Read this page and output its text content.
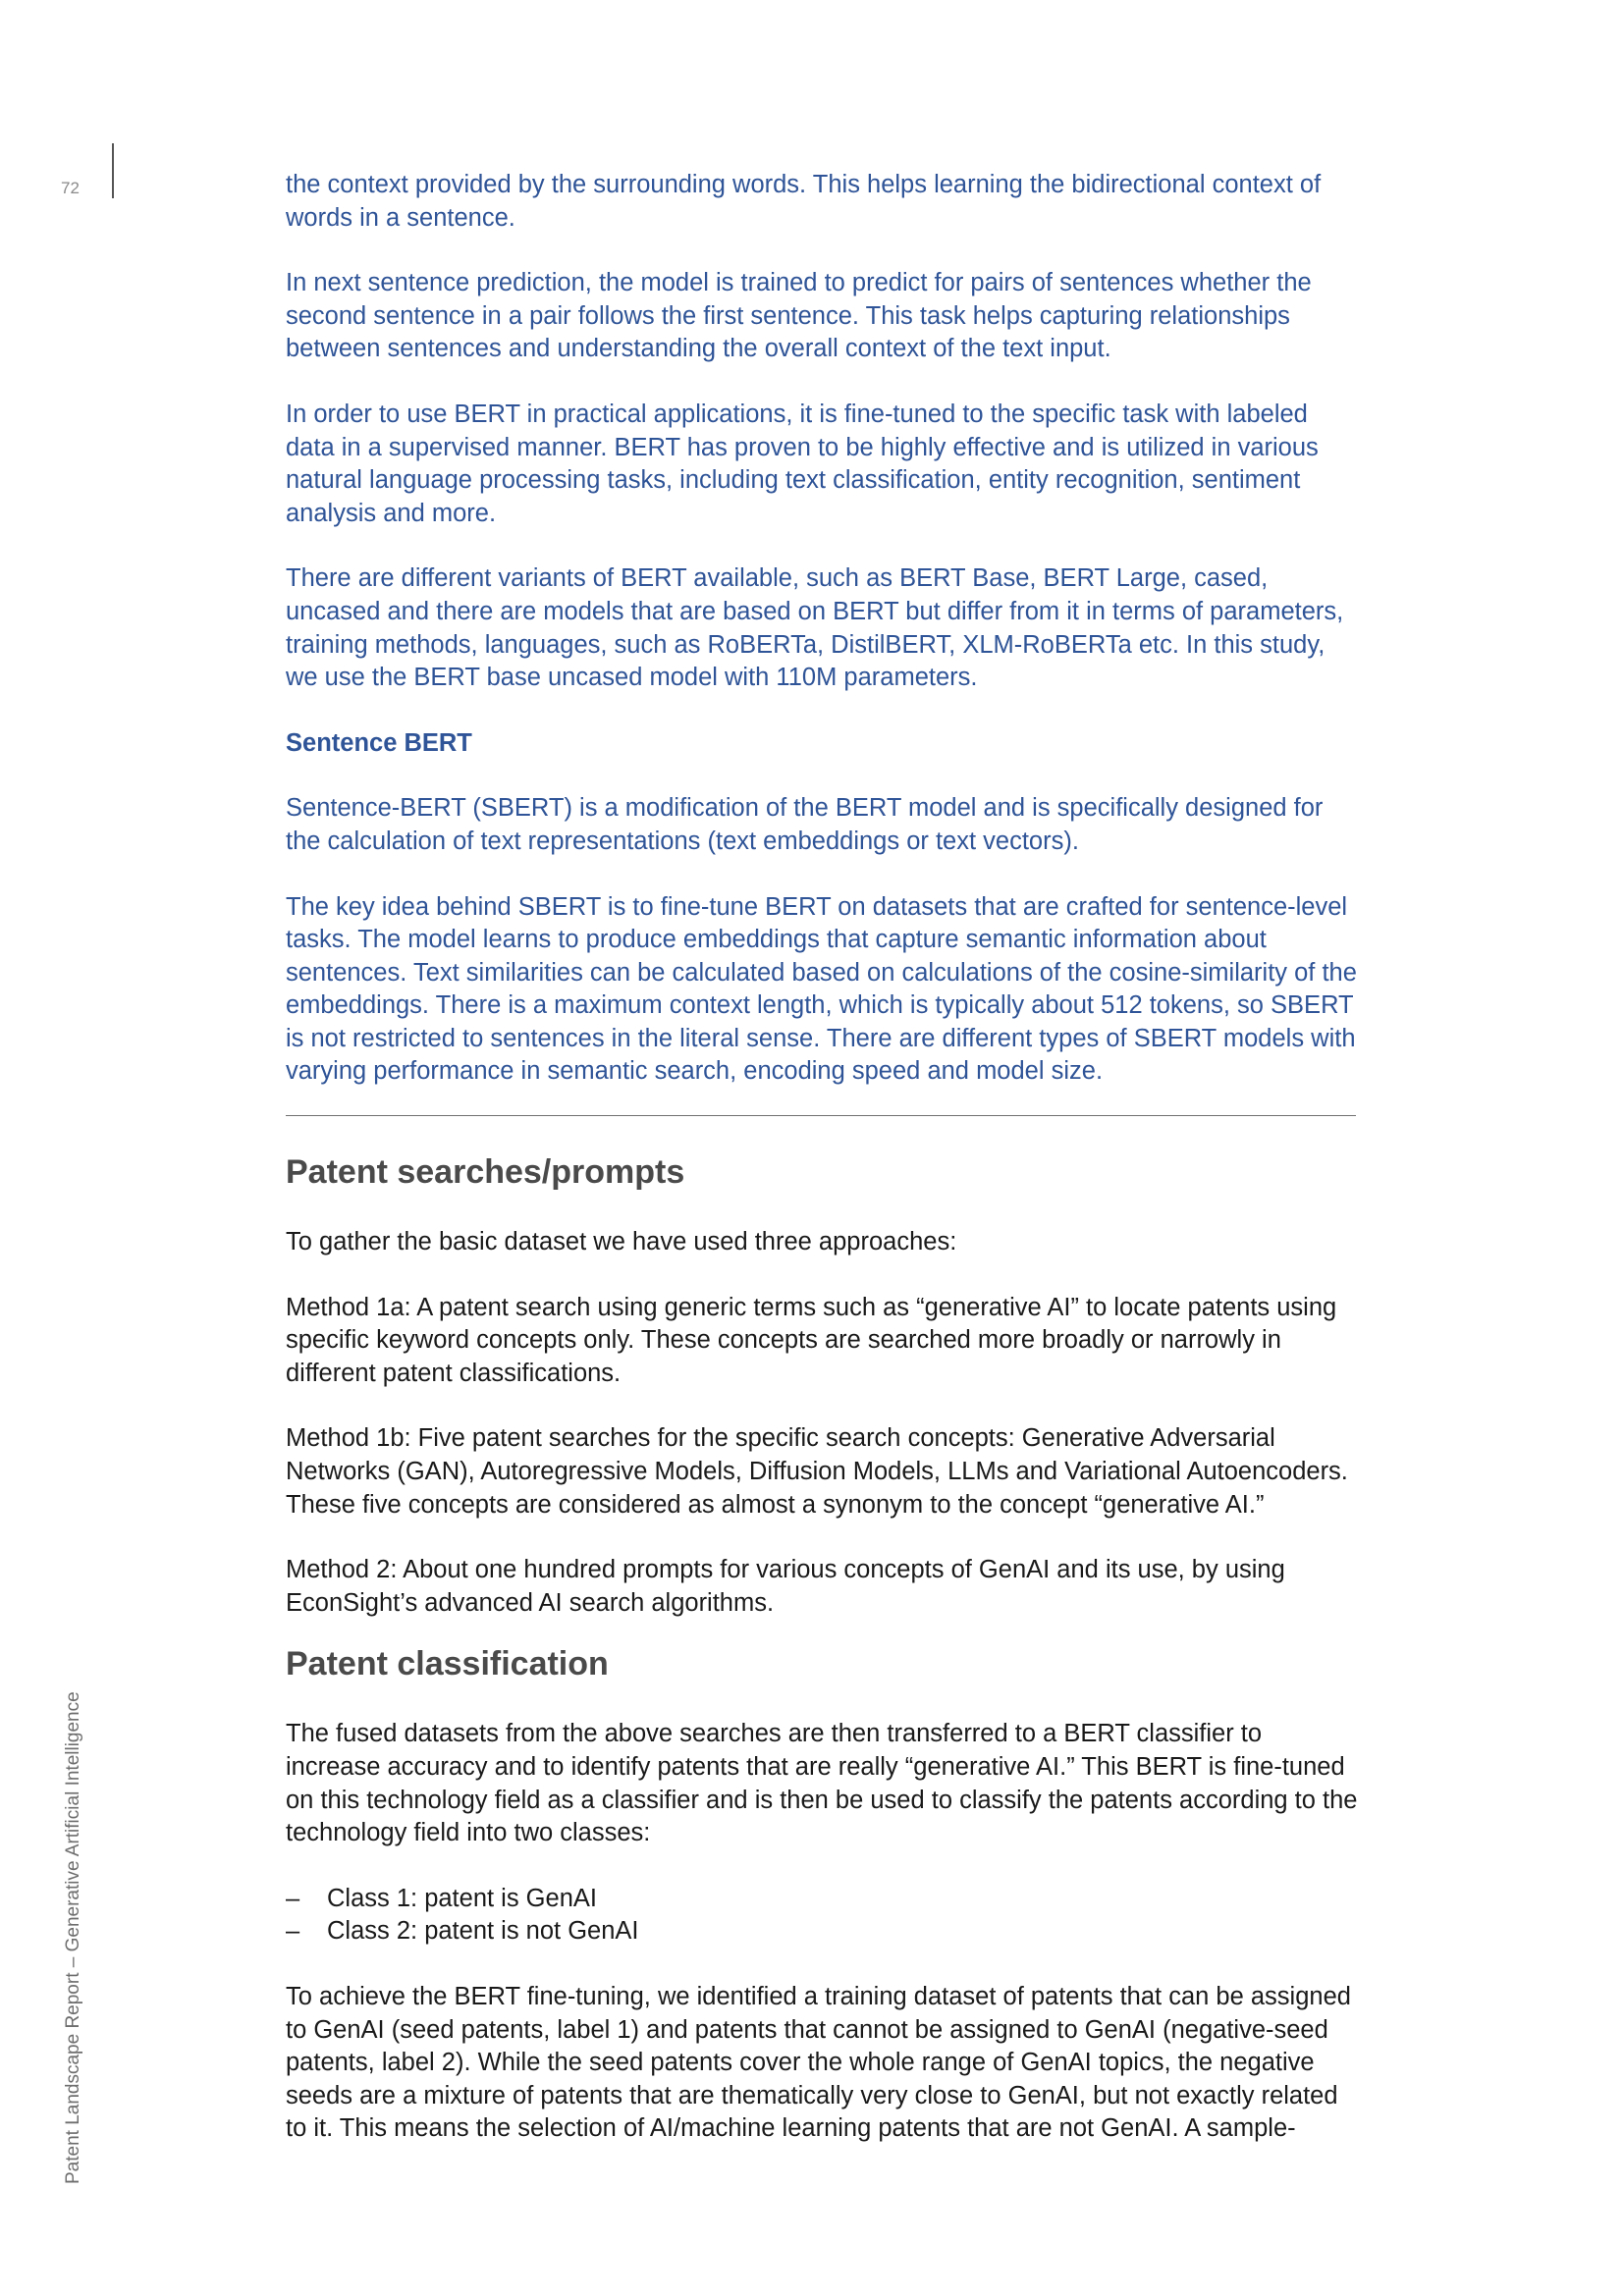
72
Patent Landscape Report – Generative Artificial Intelligence

the context provided by the surrounding words. This helps learning the bidirectional context of words in a sentence.

In next sentence prediction, the model is trained to predict for pairs of sentences whether the second sentence in a pair follows the first sentence. This task helps capturing relationships between sentences and understanding the overall context of the text input.

In order to use BERT in practical applications, it is fine-tuned to the specific task with labeled data in a supervised manner. BERT has proven to be highly effective and is utilized in various natural language processing tasks, including text classification, entity recognition, sentiment analysis and more.

There are different variants of BERT available, such as BERT Base, BERT Large, cased, uncased and there are models that are based on BERT but differ from it in terms of parameters, training methods, languages, such as RoBERTa, DistilBERT, XLM-RoBERTa etc. In this study, we use the BERT base uncased model with 110M parameters.

Sentence BERT

Sentence-BERT (SBERT) is a modification of the BERT model and is specifically designed for the calculation of text representations (text embeddings or text vectors).

The key idea behind SBERT is to fine-tune BERT on datasets that are crafted for sentence-level tasks. The model learns to produce embeddings that capture semantic information about sentences. Text similarities can be calculated based on calculations of the cosine-similarity of the embeddings. There is a maximum context length, which is typically about 512 tokens, so SBERT is not restricted to sentences in the literal sense. There are different types of SBERT models with varying performance in semantic search, encoding speed and model size.

Patent searches/prompts

To gather the basic dataset we have used three approaches:

Method 1a: A patent search using generic terms such as “generative AI” to locate patents using specific keyword concepts only. These concepts are searched more broadly or narrowly in different patent classifications.

Method 1b: Five patent searches for the specific search concepts: Generative Adversarial Networks (GAN), Autoregressive Models, Diffusion Models, LLMs and Variational Autoencoders. These five concepts are considered as almost a synonym to the concept “generative AI.”

Method 2: About one hundred prompts for various concepts of GenAI and its use, by using EconSight’s advanced AI search algorithms.

Patent classification

The fused datasets from the above searches are then transferred to a BERT classifier to increase accuracy and to identify patents that are really “generative AI.” This BERT is fine-tuned on this technology field as a classifier and is then be used to classify the patents according to the technology field into two classes:

– Class 1: patent is GenAI
– Class 2: patent is not GenAI

To achieve the BERT fine-tuning, we identified a training dataset of patents that can be assigned to GenAI (seed patents, label 1) and patents that cannot be assigned to GenAI (negative-seed patents, label 2). While the seed patents cover the whole range of GenAI topics, the negative seeds are a mixture of patents that are thematically very close to GenAI, but not exactly related to it. This means the selection of AI/machine learning patents that are not GenAI. A sample-
